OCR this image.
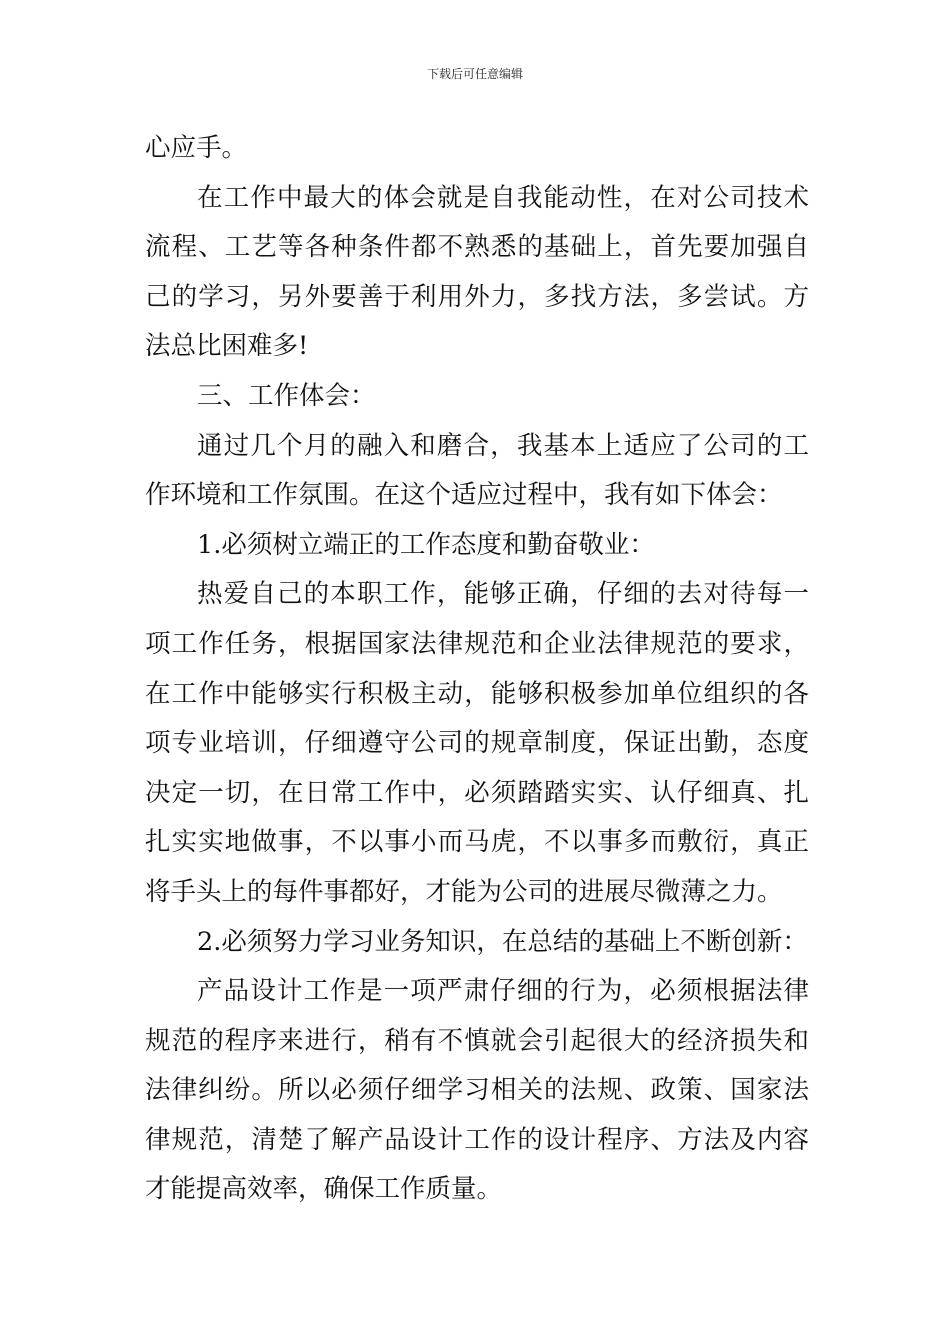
下载后可任意编辑
心应手。
在工作中最大的体会就是自我能动性，在对公司技术
流程、工艺等各种条件都不熟悉的基础上，首先要加强自
己的学习，另外要善于利用外力，多找方法，多尝试。方
法总比困难多!
三、工作体会：
通过几个月的融入和磨合，我基本上适应了公司的工
作环境和工作氛围。在这个适应过程中，我有如下体会：
1.必须树立端正的工作态度和勤奋敬业：
热爱自己的本职工作，能够正确，仔细的去对待每一
项工作任务，根据国家法律规范和企业法律规范的要求，
在工作中能够实行积极主动，能够积极参加单位组织的各
项专业培训，仔细遵守公司的规章制度，保证出勤，态度
决定一切，在日常工作中，必须踏踏实实、认仔细真、扎
扎实实地做事，不以事小而马虎，不以事多而敷衍，真正
将手头上的每件事都好，才能为公司的进展尽微薄之力。
2.必须努力学习业务知识，在总结的基础上不断创新：
产品设计工作是一项严肃仔细的行为，必须根据法律
规范的程序来进行，稍有不慎就会引起很大的经济损失和
法律纠纷。所以必须仔细学习相关的法规、政策、国家法
律规范，清楚了解产品设计工作的设计程序、方法及内容
才能提高效率，确保工作质量。
